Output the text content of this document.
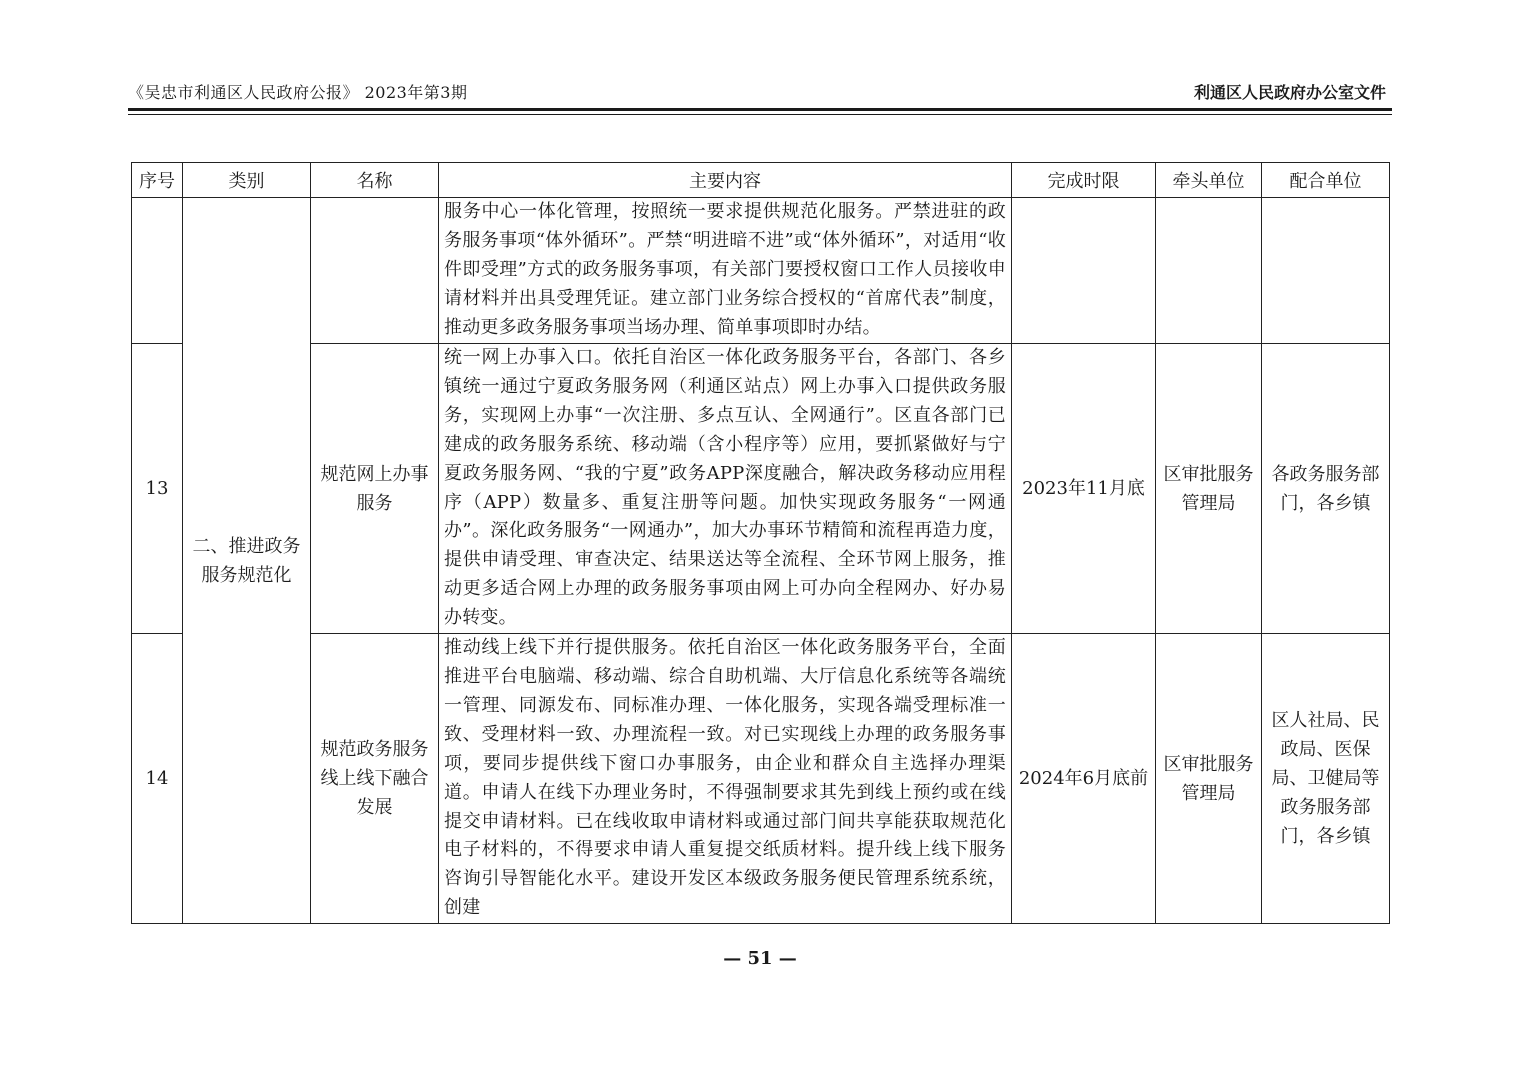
《吴忠市利通区人民政府公报》 2023年第3期	利通区人民政府办公室文件
序号	类别	名称	主要内容	完成时限	牵头单位	配合单位
	二、推进政务服务规范化		服务中心一体化管理，按照统一要求提供规范化服务。严禁进驻的政务服务事项“体外循环”。严禁“明进暗不进”或“体外循环”，对适用“收件即受理”方式的政务服务事项，有关部门要授权窗口工作人员接收申请材料并出具受理凭证。建立部门业务综合授权的“首席代表”制度，推动更多政务服务事项当场办理、简单事项即时办结。			
13		规范网上办事服务	统一网上办事入口。依托自治区一体化政务服务平台，各部门、各乡镇统一通过宁夏政务服务网（利通区站点）网上办事入口提供政务服务，实现网上办事“一次注册、多点互认、全网通行”。区直各部门已建成的政务服务系统、移动端（含小程序等）应用，要抓紧做好与宁夏政务服务网、“我的宁夏”政务APP深度融合，解决政务移动应用程序（APP）数量多、重复注册等问题。加快实现政务服务“一网通办”。深化政务服务“一网通办”，加大办事环节精简和流程再造力度，提供申请受理、审查决定、结果送达等全流程、全环节网上服务，推动更多适合网上办理的政务服务事项由网上可办向全程网办、好办易办转变。	2023年11月底	区审批服务管理局	各政务服务部门，各乡镇
14		规范政务服务线上线下融合发展	推动线上线下并行提供服务。依托自治区一体化政务服务平台，全面推进平台电脑端、移动端、综合自助机端、大厅信息化系统等各端统一管理、同源发布、同标准办理、一体化服务，实现各端受理标准一致、受理材料一致、办理流程一致。对已实现线上办理的政务服务事项，要同步提供线下窗口办事服务，由企业和群众自主选择办理渠道。申请人在线下办理业务时，不得强制要求其先到线上预约或在线提交申请材料。已在线收取申请材料或通过部门间共享能获取规范化电子材料的，不得要求申请人重复提交纸质材料。提升线上线下服务咨询引导智能化水平。建设开发区本级政务服务便民管理系统系统，创建	2024年6月底前	区审批服务管理局	区人社局、民政局、医保局、卫健局等政务服务部门，各乡镇
— 51 —
